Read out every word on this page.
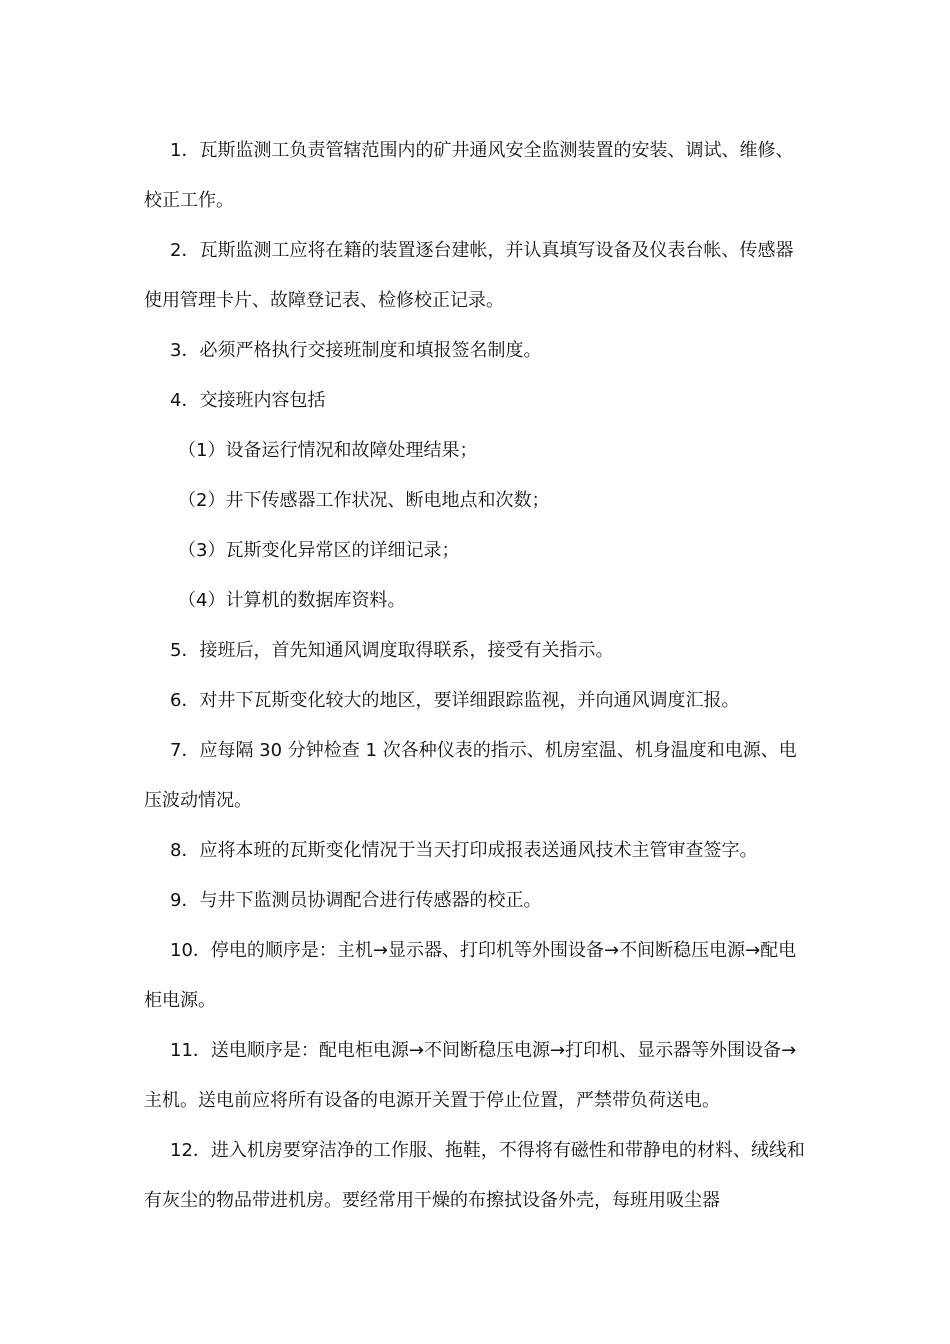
1．瓦斯监测工负责管辖范围内的矿井通风安全监测装置的安装、调试、维修、校正工作。

2．瓦斯监测工应将在籍的装置逐台建帐，并认真填写设备及仪表台帐、传感器使用管理卡片、故障登记表、检修校正记录。

3．必须严格执行交接班制度和填报签名制度。

4．交接班内容包括

（1）设备运行情况和故障处理结果；

（2）井下传感器工作状况、断电地点和次数；

（3）瓦斯变化异常区的详细记录；

（4）计算机的数据库资料。

5．接班后，首先知通风调度取得联系，接受有关指示。

6．对井下瓦斯变化较大的地区，要详细跟踪监视，并向通风调度汇报。

7．应每隔 30 分钟检查 1 次各种仪表的指示、机房室温、机身温度和电源、电压波动情况。

8．应将本班的瓦斯变化情况于当天打印成报表送通风技术主管审查签字。

9．与井下监测员协调配合进行传感器的校正。

10．停电的顺序是：主机→显示器、打印机等外围设备→不间断稳压电源→配电柜电源。

11．送电顺序是：配电柜电源→不间断稳压电源→打印机、显示器等外围设备→主机。送电前应将所有设备的电源开关置于停止位置，严禁带负荷送电。

12．进入机房要穿洁净的工作服、拖鞋，不得将有磁性和带静电的材料、绒线和有灰尘的物品带进机房。要经常用干燥的布擦拭设备外壳，每班用吸尘器
